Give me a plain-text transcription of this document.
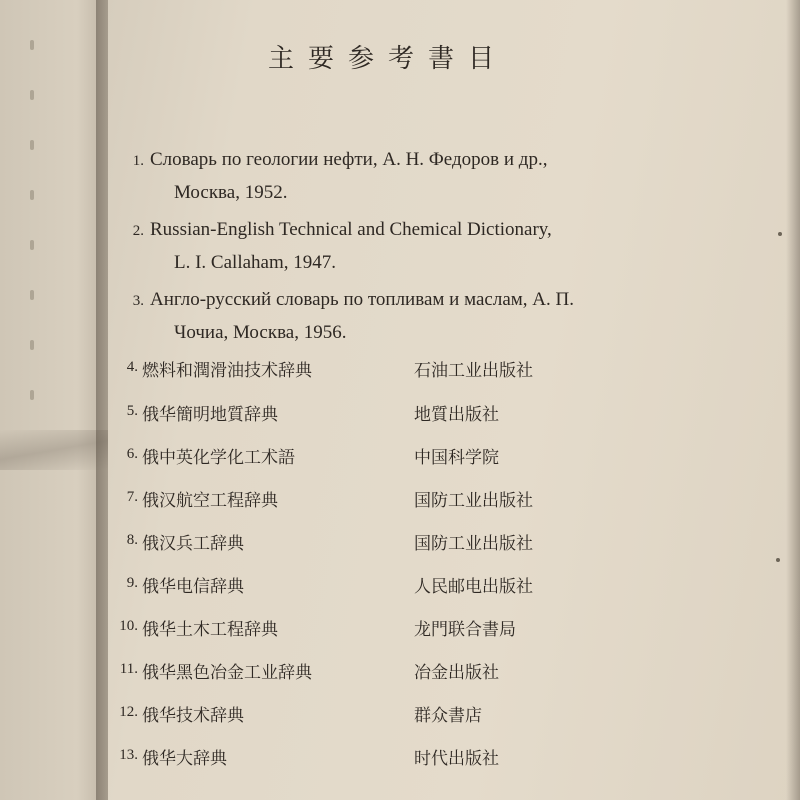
主要参考書目
1. Словарь по геологии нефти, А. Н. Федоров и др.,
Москва, 1952.
2. Russian-English Technical and Chemical Dictionary,
L. I. Callaham, 1947.
3. Англо-русский словарь по топливам и маслам, А. П.
Чочиа, Москва, 1956.
4. 燃料和潤滑油技术辞典	石油工业出版社
5. 俄华簡明地質辞典	地質出版社
6. 俄中英化学化工术語	中国科学院
7. 俄汉航空工程辞典	国防工业出版社
8. 俄汉兵工辞典	国防工业出版社
9. 俄华电信辞典	人民邮电出版社
10. 俄华土木工程辞典	龙門联合書局
11. 俄华黑色冶金工业辞典	冶金出版社
12. 俄华技术辞典	群众書店
13. 俄华大辞典	时代出版社
